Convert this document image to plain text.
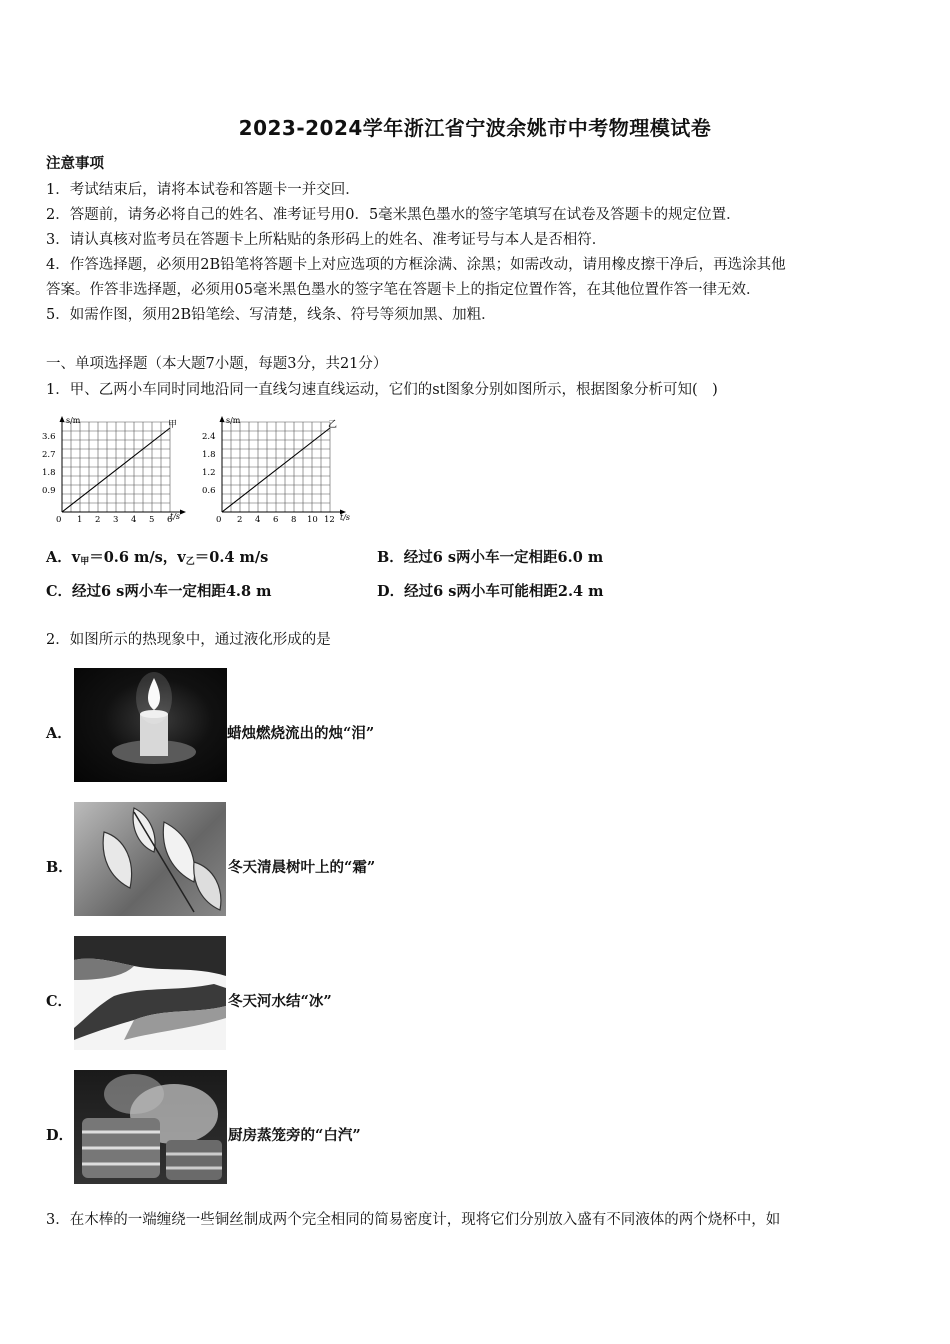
2023-2024学年浙江省宁波余姚市中考物理模试卷
注意事项
1．考试结束后，请将本试卷和答题卡一并交回．
2．答题前，请务必将自己的姓名、准考证号用0．5毫米黑色墨水的签字笔填写在试卷及答题卡的规定位置．
3．请认真核对监考员在答题卡上所粘贴的条形码上的姓名、准考证号与本人是否相符．
4．作答选择题，必须用2B铅笔将答题卡上对应选项的方框涂满、涂黑；如需改动，请用橡皮擦干净后，再选涂其他
答案。作答非选择题，必须用05毫米黑色墨水的签字笔在答题卡上的指定位置作答，在其他位置作答一律无效．
5．如需作图，须用2B铅笔绘、写清楚，线条、符号等须加黑、加粗．
一、单项选择题（本大题7小题，每题3分，共21分）
1．甲、乙两小车同时同地沿同一直线匀速直线运动，它们的st图象分别如图所示，根据图象分析可知(　)
s/m
t/s
甲
3.6
2.7
1.8
0.9
0 1 2 3 4 5 6
s/m
t/s
乙
2.4
1.8
1.2
0.6
0 2 4 6 8 10 12
A．$v_甲=0.6$ m/s，$v_乙=0.4$ m/s	B．经过6 s两小车一定相距6.0 m
C．经过6 s两小车一定相距4.8 m	D．经过6 s两小车可能相距2.4 m
2．如图所示的热现象中，通过液化形成的是
A．	蜡烛燃烧流出的烛“泪”
B．	冬天清晨树叶上的“霜”
C．	冬天河水结“冰”
D．	厨房蒸笼旁的“白汽”
3．在木棒的一端缠绕一些铜丝制成两个完全相同的简易密度计，现将它们分别放入盛有不同液体的两个烧杯中，如
